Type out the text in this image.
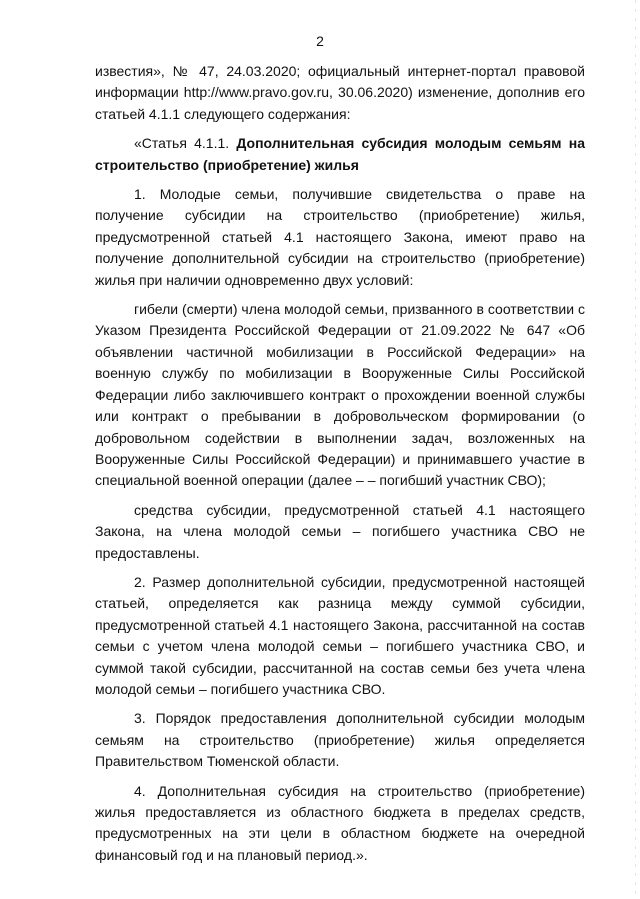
2

известия», № 47, 24.03.2020; официальный интернет-портал правовой информации http://www.pravo.gov.ru, 30.06.2020) изменение, дополнив его статьей 4.1.1 следующего содержания:

«Статья 4.1.1. Дополнительная субсидия молодым семьям на строительство (приобретение) жилья

1. Молодые семьи, получившие свидетельства о праве на получение субсидии на строительство (приобретение) жилья, предусмотренной статьей 4.1 настоящего Закона, имеют право на получение дополнительной субсидии на строительство (приобретение) жилья при наличии одновременно двух условий:

гибели (смерти) члена молодой семьи, призванного в соответствии с Указом Президента Российской Федерации от 21.09.2022 № 647 «Об объявлении частичной мобилизации в Российской Федерации» на военную службу по мобилизации в Вооруженные Силы Российской Федерации либо заключившего контракт о прохождении военной службы или контракт о пребывании в добровольческом формировании (о добровольном содействии в выполнении задач, возложенных на Вооруженные Силы Российской Федерации) и принимавшего участие в специальной военной операции (далее – – погибший участник СВО);

средства субсидии, предусмотренной статьей 4.1 настоящего Закона, на члена молодой семьи – погибшего участника СВО не предоставлены.

2. Размер дополнительной субсидии, предусмотренной настоящей статьей, определяется как разница между суммой субсидии, предусмотренной статьей 4.1 настоящего Закона, рассчитанной на состав семьи с учетом члена молодой семьи – погибшего участника СВО, и суммой такой субсидии, рассчитанной на состав семьи без учета члена молодой семьи – погибшего участника СВО.

3. Порядок предоставления дополнительной субсидии молодым семьям на строительство (приобретение) жилья определяется Правительством Тюменской области.

4. Дополнительная субсидия на строительство (приобретение) жилья предоставляется из областного бюджета в пределах средств, предусмотренных на эти цели в областном бюджете на очередной финансовый год и на плановый период.».
